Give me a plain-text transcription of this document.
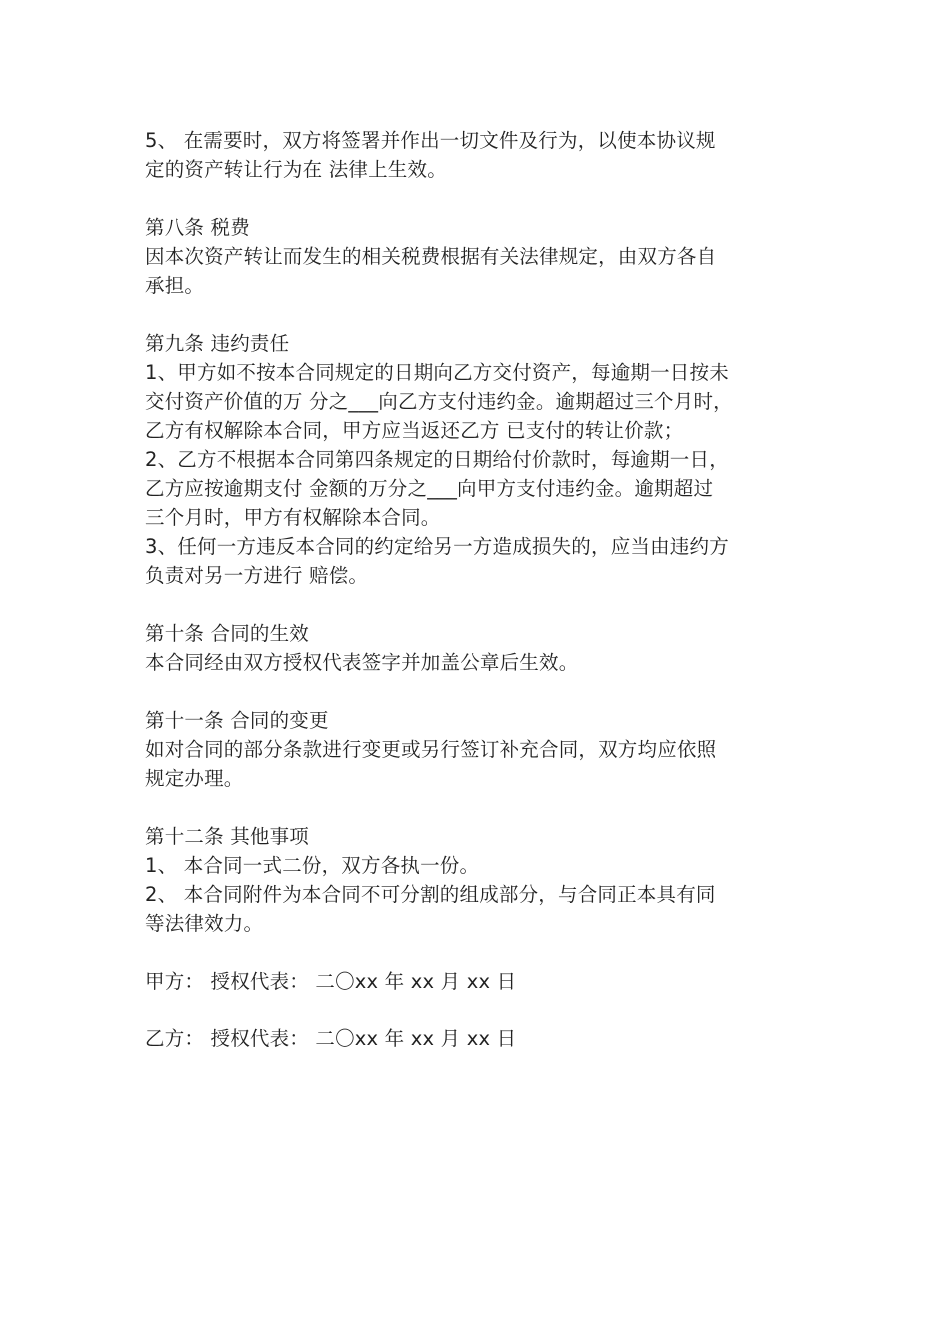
5、 在需要时，双方将签署并作出一切文件及行为，以使本协议规
定的资产转让行为在 法律上生效。

第八条 税费
因本次资产转让而发生的相关税费根据有关法律规定，由双方各自
承担。
第九条 违约责任
1、甲方如不按本合同规定的日期向乙方交付资产，每逾期一日按未
交付资产价值的万 分之___向乙方支付违约金。逾期超过三个月时，
乙方有权解除本合同，甲方应当返还乙方 已支付的转让价款；
2、乙方不根据本合同第四条规定的日期给付价款时，每逾期一日，
乙方应按逾期支付 金额的万分之___向甲方支付违约金。逾期超过
三个月时，甲方有权解除本合同。
3、任何一方违反本合同的约定给另一方造成损失的，应当由违约方
负责对另一方进行 赔偿。
第十条 合同的生效
本合同经由双方授权代表签字并加盖公章后生效。
第十一条 合同的变更
如对合同的部分条款进行变更或另行签订补充合同，双方均应依照
规定办理。
第十二条 其他事项
1、 本合同一式二份，双方各执一份。
2、 本合同附件为本合同不可分割的组成部分，与合同正本具有同
等法律效力。
甲方： 授权代表： 二〇xx 年 xx 月 xx 日
乙方： 授权代表： 二〇xx 年 xx 月 xx 日
